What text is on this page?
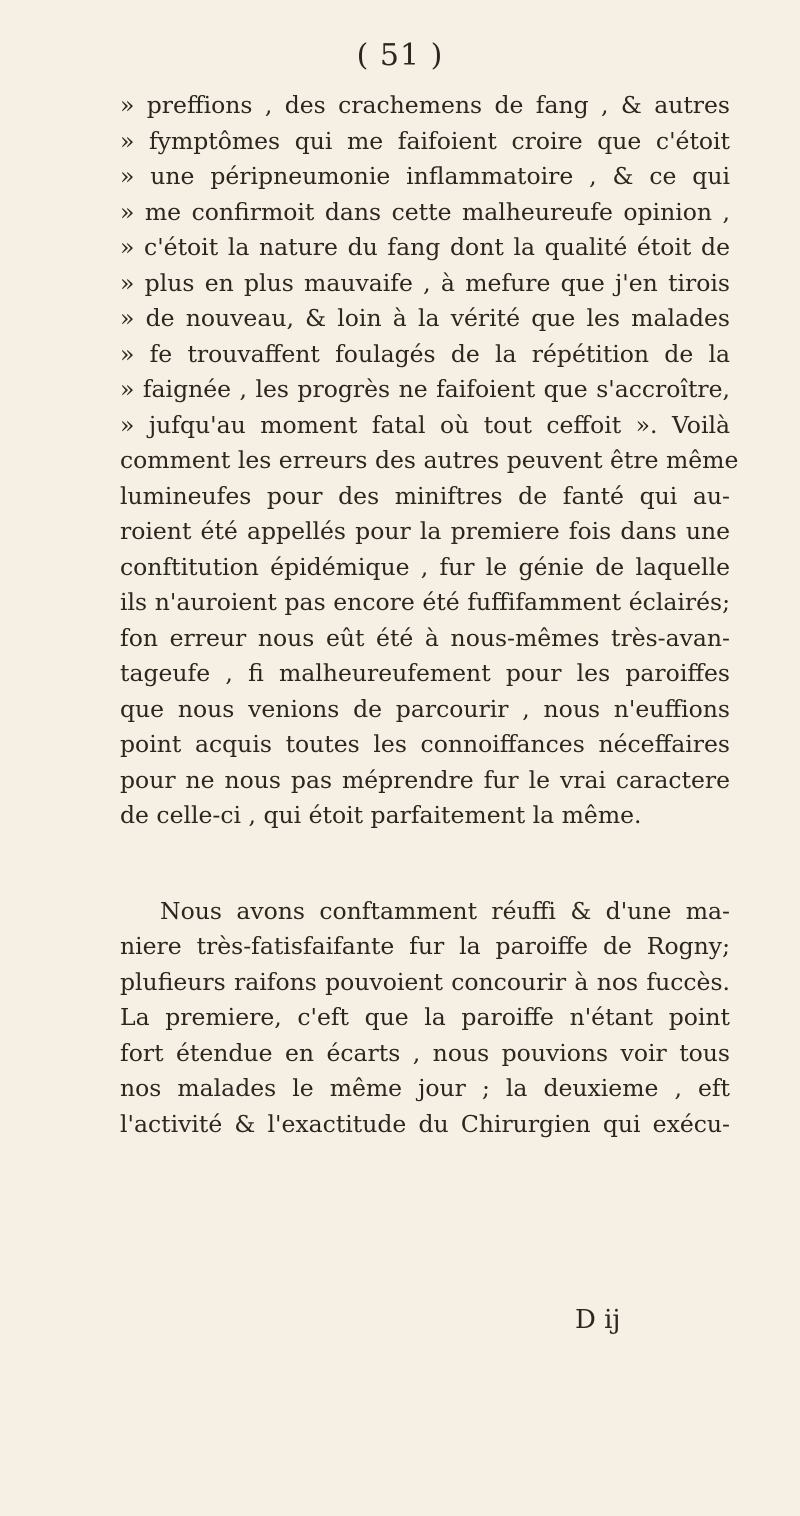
( 51 )
» preffions , des crachemens de fang , & autres
» fymptômes qui me faifoient croire que c'étoit
» une péripneumonie inflammatoire , & ce qui
» me confirmoit dans cette malheureufe opinion ,
» c'étoit la nature du fang dont la qualité étoit de
» plus en plus mauvaife , à mefure que j'en tirois
» de nouveau, & loin à la vérité que les malades
» fe trouvaffent foulagés de la répétition de la
» faignée , les progrès ne faifoient que s'accroître,
» jufqu'au moment fatal où tout ceffoit ». Voilà
comment les erreurs des autres peuvent être même
lumineufes pour des miniftres de fanté qui au-
roient été appellés pour la premiere fois dans une
conftitution épidémique , fur le génie de laquelle
ils n'auroient pas encore été fuffifamment éclairés;
fon erreur nous eût été à nous-mêmes très-avan-
tageufe , fi malheureufement pour les paroiffes
que nous venions de parcourir , nous n'euffions
point acquis toutes les connoiffances néceffaires
pour ne nous pas méprendre fur le vrai caractere
de celle-ci , qui étoit parfaitement la même.
Nous avons conftamment réuffi & d'une ma-
niere très-fatisfaifante fur la paroiffe de Rogny;
plufieurs raifons pouvoient concourir à nos fuccès.
La premiere, c'eft que la paroiffe n'étant point
fort étendue en écarts , nous pouvions voir tous
nos malades le même jour ; la deuxieme , eft
l'activité & l'exactitude du Chirurgien qui exécu-
D ij
